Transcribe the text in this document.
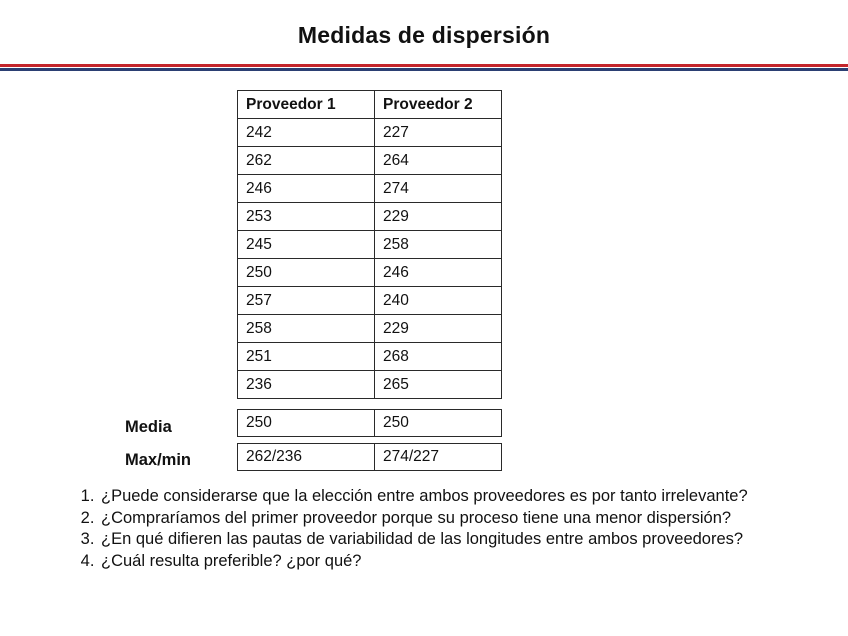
Medidas de dispersión
Proveedor 1	Proveedor 2
242	227
262	264
246	274
253	229
245	258
250	246
257	240
258	229
251	268
236	265
Media	250	250
Max/min	262/236	274/227
1. ¿Puede considerarse que la elección entre ambos proveedores es por tanto irrelevante?
2. ¿Compraríamos del primer proveedor porque su proceso tiene una menor dispersión?
3. ¿En qué difieren las pautas de variabilidad de las longitudes entre ambos proveedores?
4. ¿Cuál resulta preferible? ¿por qué?
